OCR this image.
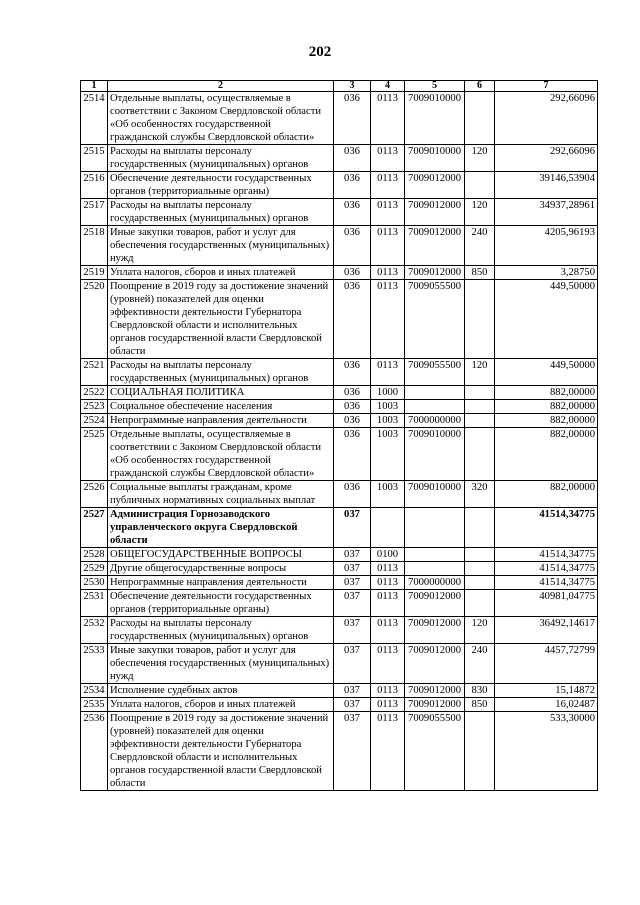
202
1	2	3	4	5	6	7
2514	Отдельные выплаты, осуществляемые в соответствии с Законом Свердловской области «Об особенностях государственной гражданской службы Свердловской области»	036	0113	7009010000		292,66096
2515	Расходы на выплаты персоналу государственных (муниципальных) органов	036	0113	7009010000	120	292,66096
2516	Обеспечение деятельности государственных органов (территориальные органы)	036	0113	7009012000		39146,53904
2517	Расходы на выплаты персоналу государственных (муниципальных) органов	036	0113	7009012000	120	34937,28961
2518	Иные закупки товаров, работ и услуг для обеспечения государственных (муниципальных) нужд	036	0113	7009012000	240	4205,96193
2519	Уплата налогов, сборов и иных платежей	036	0113	7009012000	850	3,28750
2520	Поощрение в 2019 году за достижение значений (уровней) показателей для оценки эффективности деятельности Губернатора Свердловской области и исполнительных органов государственной власти Свердловской области	036	0113	7009055500		449,50000
2521	Расходы на выплаты персоналу государственных (муниципальных) органов	036	0113	7009055500	120	449,50000
2522	СОЦИАЛЬНАЯ ПОЛИТИКА	036	1000			882,00000
2523	Социальное обеспечение населения	036	1003			882,00000
2524	Непрограммные направления деятельности	036	1003	7000000000		882,00000
2525	Отдельные выплаты, осуществляемые в соответствии с Законом Свердловской области «Об особенностях государственной гражданской службы Свердловской области»	036	1003	7009010000		882,00000
2526	Социальные выплаты гражданам, кроме публичных нормативных социальных выплат	036	1003	7009010000	320	882,00000
2527	Администрация Горнозаводского управленческого округа Свердловской области	037				41514,34775
2528	ОБЩЕГОСУДАРСТВЕННЫЕ ВОПРОСЫ	037	0100			41514,34775
2529	Другие общегосударственные вопросы	037	0113			41514,34775
2530	Непрограммные направления деятельности	037	0113	7000000000		41514,34775
2531	Обеспечение деятельности государственных органов (территориальные органы)	037	0113	7009012000		40981,04775
2532	Расходы на выплаты персоналу государственных (муниципальных) органов	037	0113	7009012000	120	36492,14617
2533	Иные закупки товаров, работ и услуг для обеспечения государственных (муниципальных) нужд	037	0113	7009012000	240	4457,72799
2534	Исполнение судебных актов	037	0113	7009012000	830	15,14872
2535	Уплата налогов, сборов и иных платежей	037	0113	7009012000	850	16,02487
2536	Поощрение в 2019 году за достижение значений (уровней) показателей для оценки эффективности деятельности Губернатора Свердловской области и исполнительных органов государственной власти Свердловской области	037	0113	7009055500		533,30000
